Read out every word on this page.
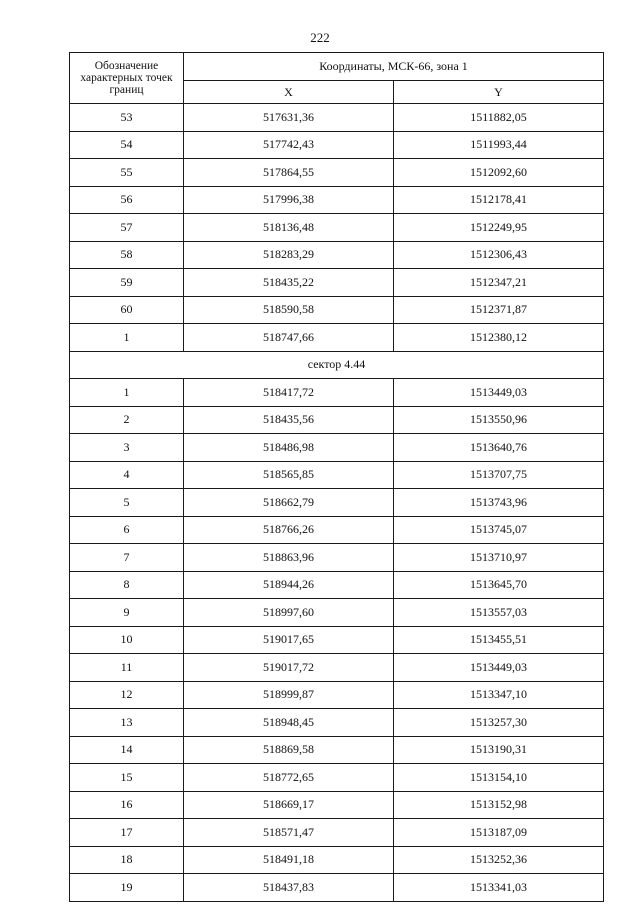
222
Обозначение характерных точек границ	Координаты, МСК-66, зона 1	
	X	Y
53	517631,36	1511882,05
54	517742,43	1511993,44
55	517864,55	1512092,60
56	517996,38	1512178,41
57	518136,48	1512249,95
58	518283,29	1512306,43
59	518435,22	1512347,21
60	518590,58	1512371,87
1	518747,66	1512380,12
сектор 4.44		
1	518417,72	1513449,03
2	518435,56	1513550,96
3	518486,98	1513640,76
4	518565,85	1513707,75
5	518662,79	1513743,96
6	518766,26	1513745,07
7	518863,96	1513710,97
8	518944,26	1513645,70
9	518997,60	1513557,03
10	519017,65	1513455,51
11	519017,72	1513449,03
12	518999,87	1513347,10
13	518948,45	1513257,30
14	518869,58	1513190,31
15	518772,65	1513154,10
16	518669,17	1513152,98
17	518571,47	1513187,09
18	518491,18	1513252,36
19	518437,83	1513341,03
